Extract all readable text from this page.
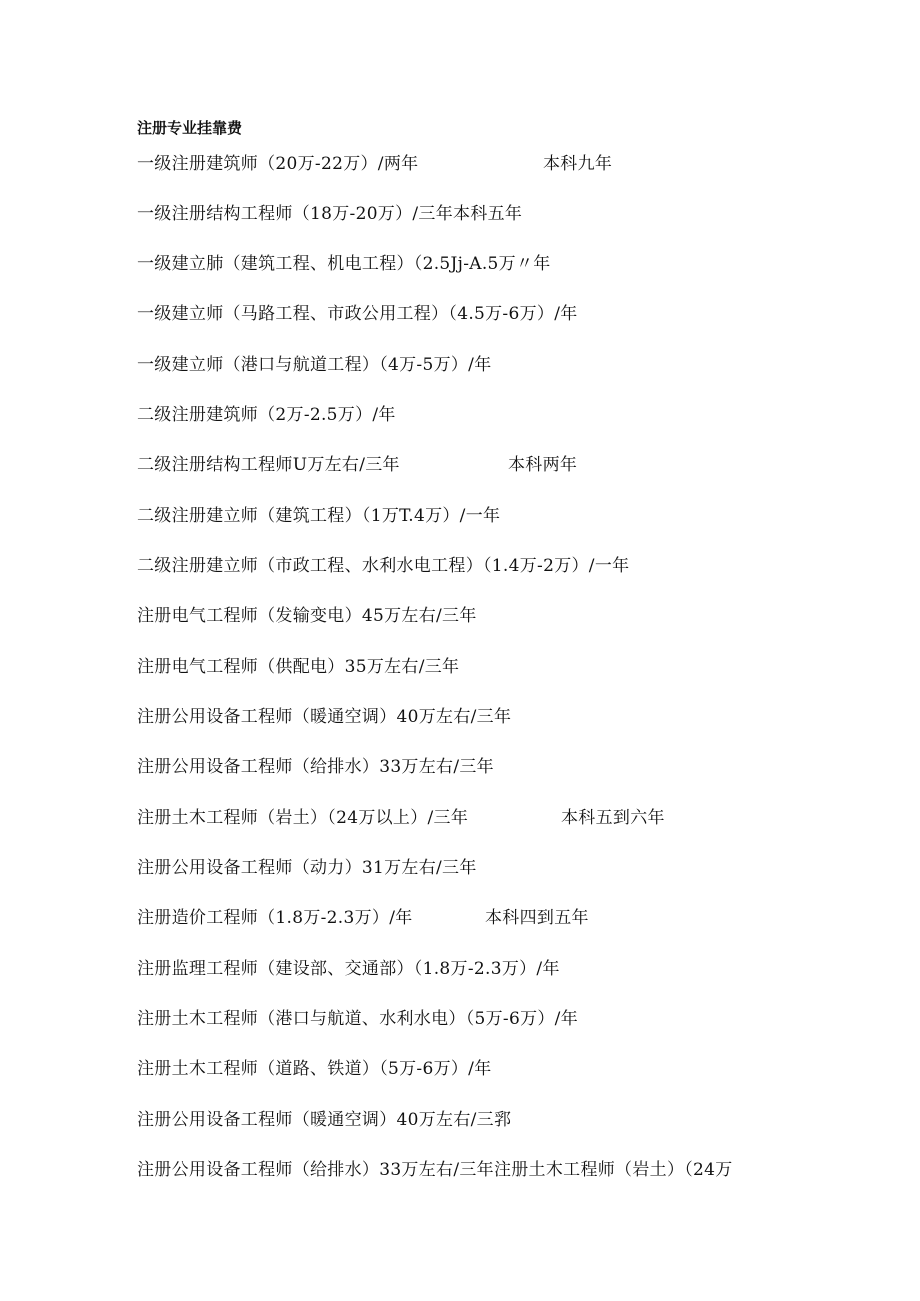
注册专业挂靠费
一级注册建筑师（20万-22万）/两年	本科九年
一级注册结构工程师（18万-20万）/三年本科五年
一级建立肺（建筑工程、机电工程）（2.5Jj-A.5万〃年
一级建立师（马路工程、市政公用工程）（4.5万-6万）/年
一级建立师（港口与航道工程）（4万-5万）/年
二级注册建筑师（2万-2.5万）/年
二级注册结构工程师U万左右/三年	本科两年
二级注册建立师（建筑工程）（1万T.4万）/一年
二级注册建立师（市政工程、水利水电工程）（1.4万-2万）/一年
注册电气工程师（发输变电）45万左右/三年
注册电气工程师（供配电）35万左右/三年
注册公用设备工程师（暖通空调）40万左右/三年
注册公用设备工程师（给排水）33万左右/三年
注册土木工程师（岩土）（24万以上）/三年	本科五到六年
注册公用设备工程师（动力）31万左右/三年
注册造价工程师（1.8万-2.3万）/年	本科四到五年
注册监理工程师（建设部、交通部）（1.8万-2.3万）/年
注册土木工程师（港口与航道、水利水电）（5万-6万）/年
注册土木工程师（道路、铁道）（5万-6万）/年
注册公用设备工程师（暖通空调）40万左右/三郛
注册公用设备工程师（给排水）33万左右/三年注册土木工程师（岩土）（24万
